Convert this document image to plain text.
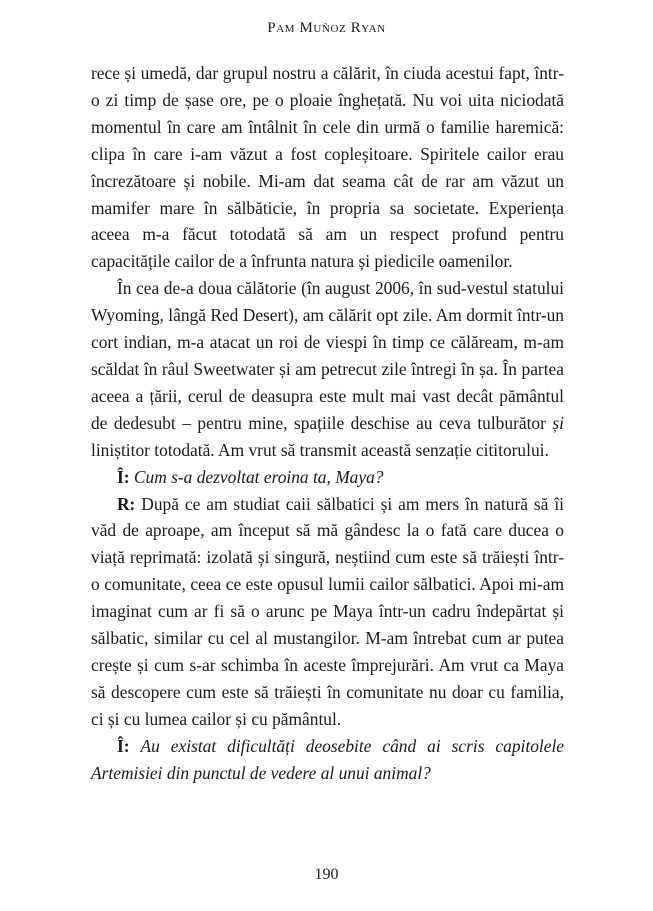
Pam Muñoz Ryan

rece și umedă, dar grupul nostru a călărit, în ciuda acestui fapt, într-o zi timp de șase ore, pe o ploaie înghețată. Nu voi uita niciodată momentul în care am întâlnit în cele din urmă o familie haremică: clipa în care i-am văzut a fost copleșitoare. Spiritele cailor erau încrezătoare și nobile. Mi-am dat seama cât de rar am văzut un mamifer mare în sălbăticie, în propria sa societate. Experiența aceea m-a făcut totodată să am un respect profund pentru capacitățile cailor de a înfrunta natura și piedicile oamenilor.

În cea de-a doua călătorie (în august 2006, în sud-vestul statului Wyoming, lângă Red Desert), am călărit opt zile. Am dormit într-un cort indian, m-a atacat un roi de viespi în timp ce călăream, m-am scăldat în râul Sweetwater și am petrecut zile întregi în șa. În partea aceea a țării, cerul de deasupra este mult mai vast decât pământul de dedesubt – pentru mine, spațiile deschise au ceva tulburător și liniștitor totodată. Am vrut să transmit această senzație cititorului.

Î: Cum s-a dezvoltat eroina ta, Maya?

R: După ce am studiat caii sălbatici și am mers în natură să îi văd de aproape, am început să mă gândesc la o fată care ducea o viață reprimată: izolată și singură, neștiind cum este să trăiești într-o comunitate, ceea ce este opusul lumii cailor sălbatici. Apoi mi-am imaginat cum ar fi să o arunc pe Maya într-un cadru îndepărtat și sălbatic, similar cu cel al mustangilor. M-am întrebat cum ar putea crește și cum s-ar schimba în aceste împrejurări. Am vrut ca Maya să descopere cum este să trăiești în comunitate nu doar cu familia, ci și cu lumea cailor și cu pământul.

Î: Au existat dificultăți deosebite când ai scris capitolele Artemisiei din punctul de vedere al unui animal?

190
